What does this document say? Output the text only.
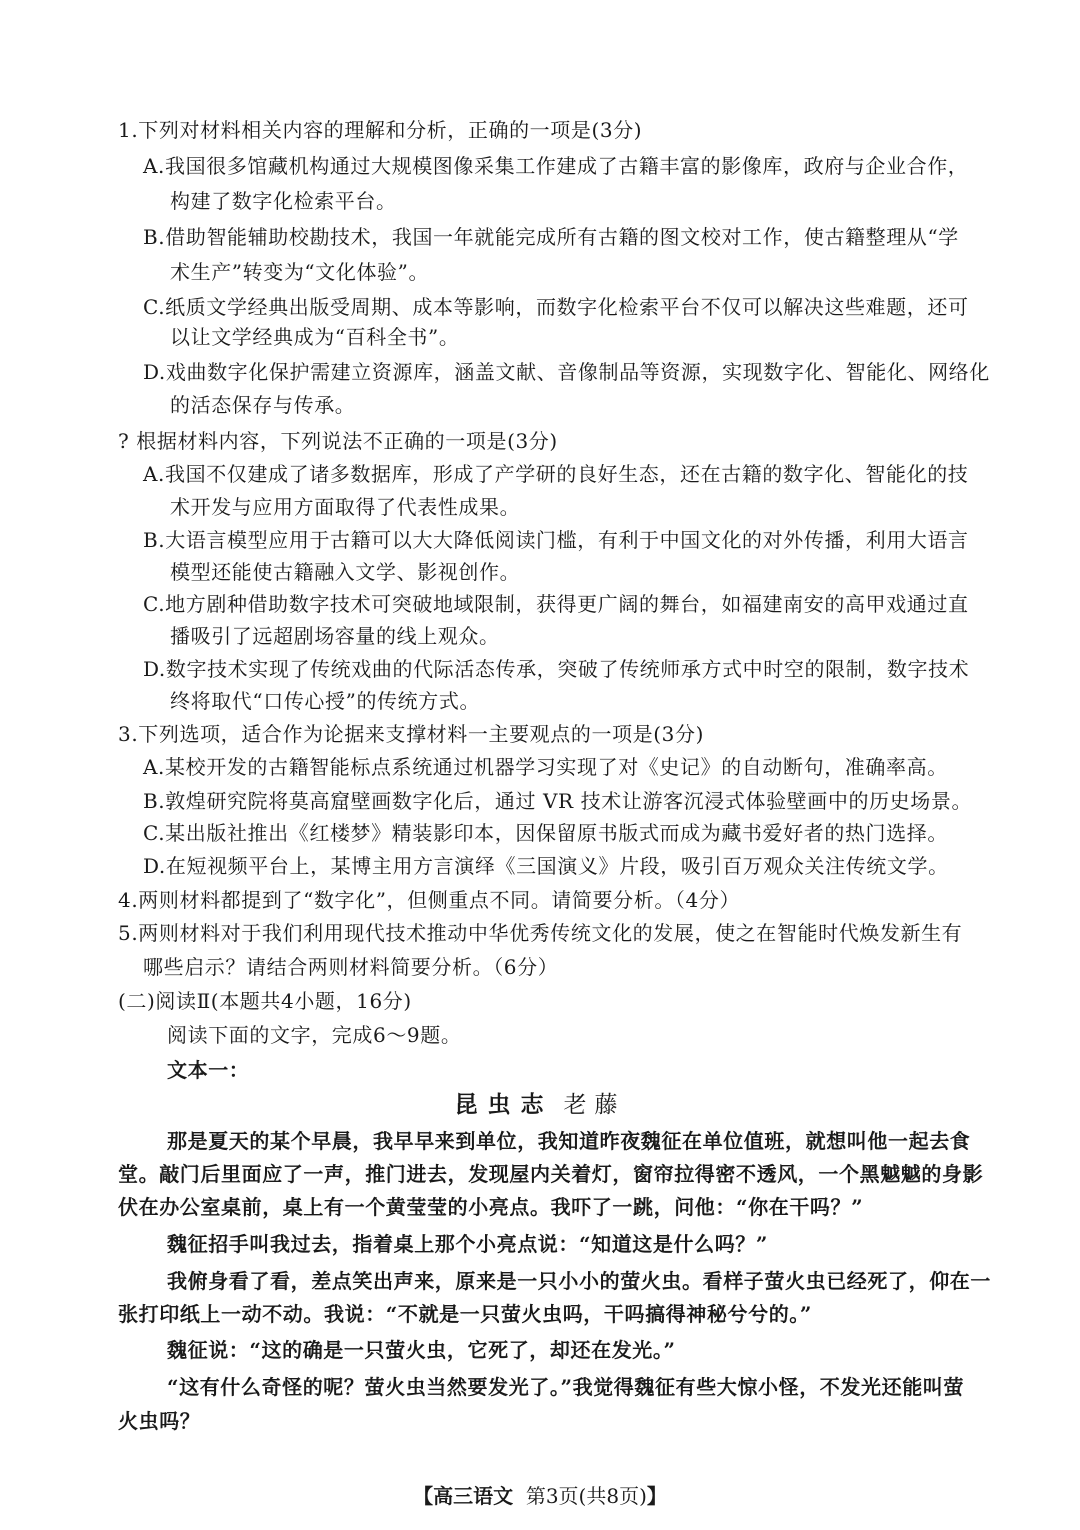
1.下列对材料相关内容的理解和分析，正确的一项是(3分)
A.我国很多馆藏机构通过大规模图像采集工作建成了古籍丰富的影像库，政府与企业合作，
构建了数字化检索平台。
B.借助智能辅助校勘技术，我国一年就能完成所有古籍的图文校对工作，使古籍整理从“学
术生产”转变为“文化体验”。
C.纸质文学经典出版受周期、成本等影响，而数字化检索平台不仅可以解决这些难题，还可
以让文学经典成为“百科全书”。
D.戏曲数字化保护需建立资源库，涵盖文献、音像制品等资源，实现数字化、智能化、网络化
的活态保存与传承。
? 根据材料内容，下列说法不正确的一项是(3分)
A.我国不仅建成了诸多数据库，形成了产学研的良好生态，还在古籍的数字化、智能化的技
术开发与应用方面取得了代表性成果。
B.大语言模型应用于古籍可以大大降低阅读门槛，有利于中国文化的对外传播，利用大语言
模型还能使古籍融入文学、影视创作。
C.地方剧种借助数字技术可突破地域限制，获得更广阔的舞台，如福建南安的高甲戏通过直
播吸引了远超剧场容量的线上观众。
D.数字技术实现了传统戏曲的代际活态传承，突破了传统师承方式中时空的限制，数字技术
终将取代“口传心授”的传统方式。
3.下列选项，适合作为论据来支撑材料一主要观点的一项是(3分)
A.某校开发的古籍智能标点系统通过机器学习实现了对《史记》的自动断句，准确率高。
B.敦煌研究院将莫高窟壁画数字化后，通过 VR 技术让游客沉浸式体验壁画中的历史场景。
C.某出版社推出《红楼梦》精装影印本，因保留原书版式而成为藏书爱好者的热门选择。
D.在短视频平台上，某博主用方言演绎《三国演义》片段，吸引百万观众关注传统文学。
4.两则材料都提到了“数字化”，但侧重点不同。请简要分析。（4分）
5.两则材料对于我们利用现代技术推动中华优秀传统文化的发展，使之在智能时代焕发新生有
哪些启示？请结合两则材料简要分析。（6分）
(二)阅读Ⅱ(本题共4小题，16分)
阅读下面的文字，完成6～9题。
文本一：
昆虫志 老藤
那是夏天的某个早晨，我早早来到单位，我知道昨夜魏征在单位值班，就想叫他一起去食
堂。敲门后里面应了一声，推门进去，发现屋内关着灯，窗帘拉得密不透风，一个黑魆魆的身影
伏在办公室桌前，桌上有一个黄莹莹的小亮点。我吓了一跳，问他：“你在干吗？”
魏征招手叫我过去，指着桌上那个小亮点说：“知道这是什么吗？”
我俯身看了看，差点笑出声来，原来是一只小小的萤火虫。看样子萤火虫已经死了，仰在一
张打印纸上一动不动。我说：“不就是一只萤火虫吗，干吗搞得神秘兮兮的。”
魏征说：“这的确是一只萤火虫，它死了，却还在发光。”
“这有什么奇怪的呢？萤火虫当然要发光了。”我觉得魏征有些大惊小怪，不发光还能叫萤
火虫吗？
【高三语文 第3页(共8页)】
